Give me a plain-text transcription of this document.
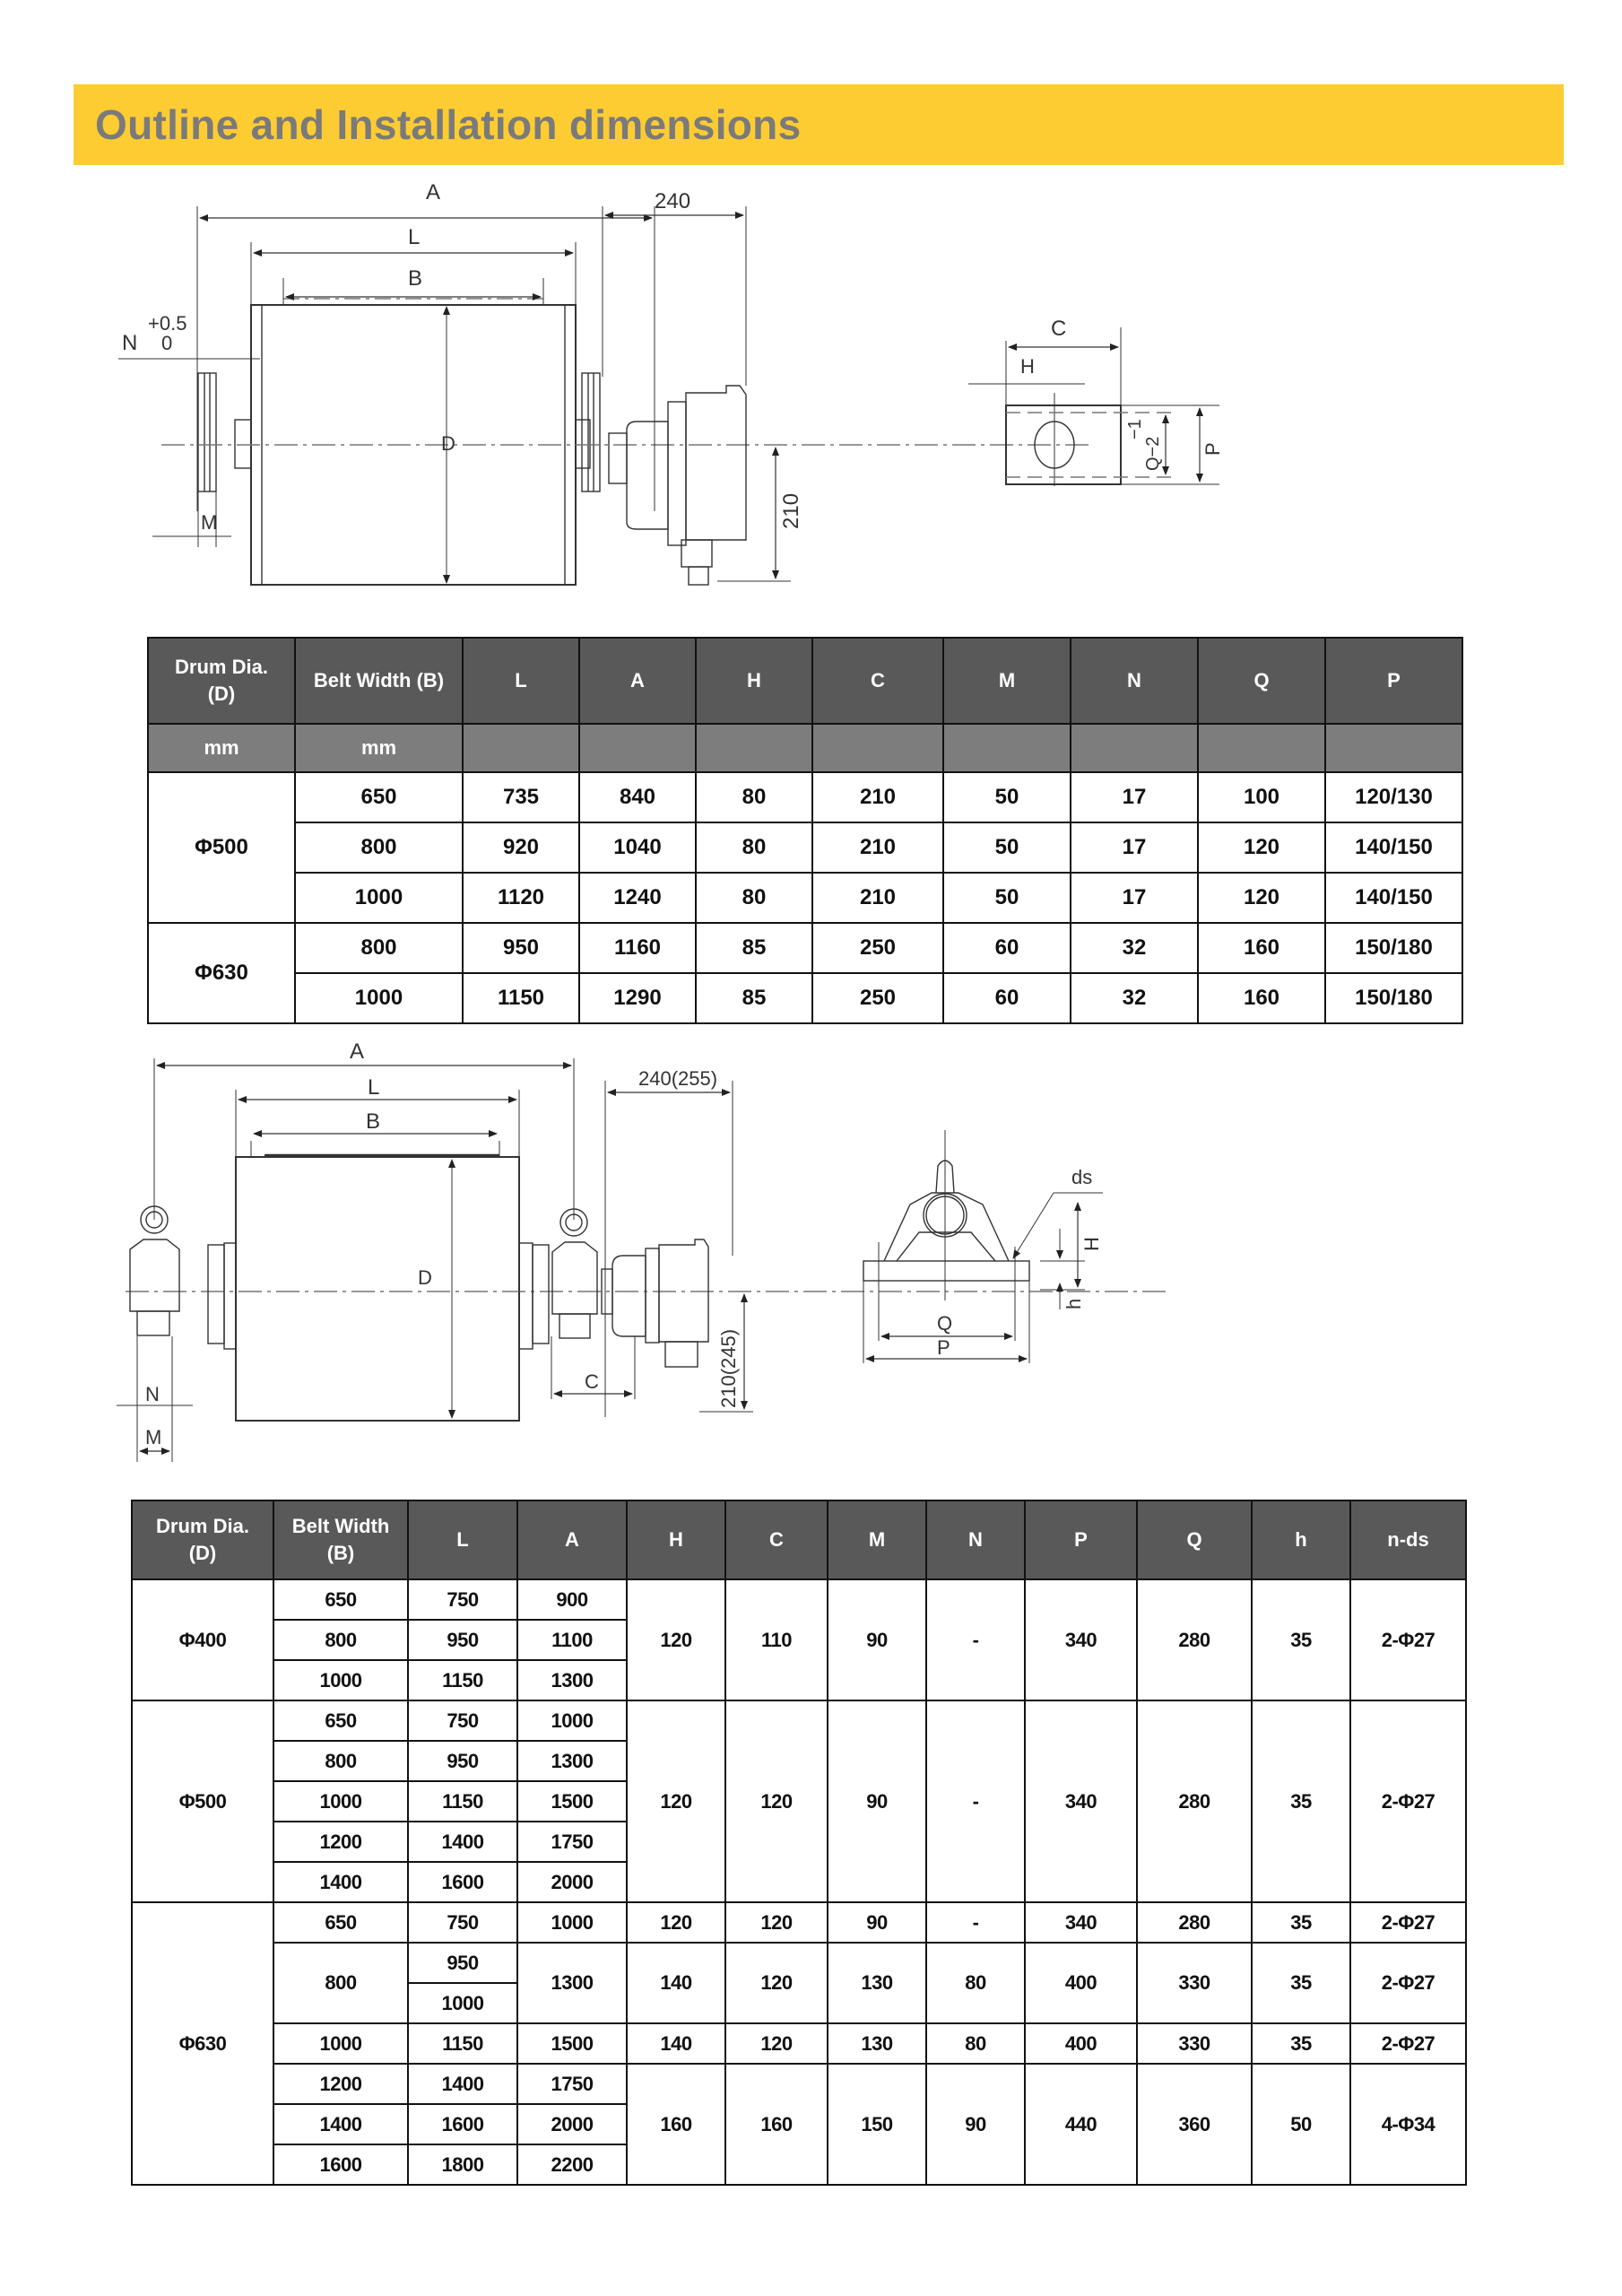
Outline and Installation dimensions
A
L
B
D
+0.5
N 0
M
240
210
C
H
Q−2
−1
P
Drum Dia.
(D)	Belt Width (B)	L	A	H	C	M	N	Q	P
mm	mm								
Φ500	650	735	840	80	210	50	17	100	120/130
	800	920	1040	80	210	50	17	120	140/150
	1000	1120	1240	80	210	50	17	120	140/150
Φ630	800	950	1160	85	250	60	32	160	150/180
	1000	1150	1290	85	250	60	32	160	150/180
A
L
B
D
N
M
C
240(255)
210(245)
ds
H
h
Q
P
Drum Dia.
(D)	Belt Width
(B)	L	A	H	C	M	N	P	Q	h	n-ds
Φ400	650	750	900	120	110	90	-	340	280	35	2-Φ27
	800	950	1100								
	1000	1150	1300								
Φ500	650	750	1000	120	120	90	-	340	280	35	2-Φ27
	800	950	1300								
	1000	1150	1500								
	1200	1400	1750								
	1400	1600	2000								
Φ630	650	750	1000	120	120	90	-	340	280	35	2-Φ27
	800	950	1300	140	120	130	80	400	330	35	2-Φ27
		1000									
	1000	1150	1500	140	120	130	80	400	330	35	2-Φ27
	1200	1400	1750	160	160	150	90	440	360	50	4-Φ34
	1400	1600	2000								
	1600	1800	2200								
